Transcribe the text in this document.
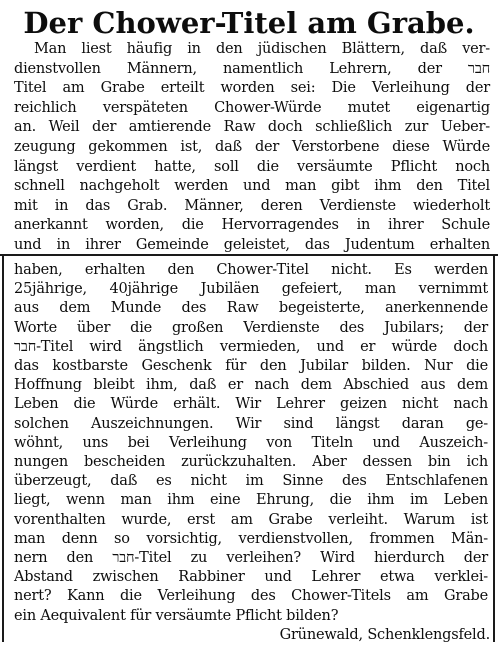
Der Chower-Titel am Grabe.
Man liest häufig in den jüdischen Blättern, daß ver-
dienstvollen Männern, namentlich Lehrern, der חבר
Titel am Grabe erteilt worden sei: Die Verleihung der
reichlich verspäteten Chower-Würde mutet eigenartig
an. Weil der amtierende Raw doch schließlich zur Ueber-
zeugung gekommen ist, daß der Verstorbene diese Würde
längst verdient hatte, soll die versäumte Pflicht noch
schnell nachgeholt werden und man gibt ihm den Titel
mit in das Grab. Männer, deren Verdienste wiederholt
anerkannt worden, die Hervorragendes in ihrer Schule
und in ihrer Gemeinde geleistet, das Judentum erhalten
haben, erhalten den Chower-Titel nicht. Es werden
25jährige, 40jährige Jubiläen gefeiert, man vernimmt
aus dem Munde des Raw begeisterte, anerkennende
Worte über die großen Verdienste des Jubilars; der
חבר-Titel wird ängstlich vermieden, und er würde doch
das kostbarste Geschenk für den Jubilar bilden. Nur die
Hoffnung bleibt ihm, daß er nach dem Abschied aus dem
Leben die Würde erhält. Wir Lehrer geizen nicht nach
solchen Auszeichnungen. Wir sind längst daran ge-
wöhnt, uns bei Verleihung von Titeln und Auszeich-
nungen bescheiden zurückzuhalten. Aber dessen bin ich
überzeugt, daß es nicht im Sinne des Entschlafenen
liegt, wenn man ihm eine Ehrung, die ihm im Leben
vorenthalten wurde, erst am Grabe verleiht. Warum ist
man denn so vorsichtig, verdienstvollen, frommen Män-
nern den חבר-Titel zu verleihen? Wird hierdurch der
Abstand zwischen Rabbiner und Lehrer etwa verklei-
nert? Kann die Verleihung des Chower-Titels am Grabe
ein Aequivalent für versäumte Pflicht bilden?
Grünewald, Schenklengsfeld.
